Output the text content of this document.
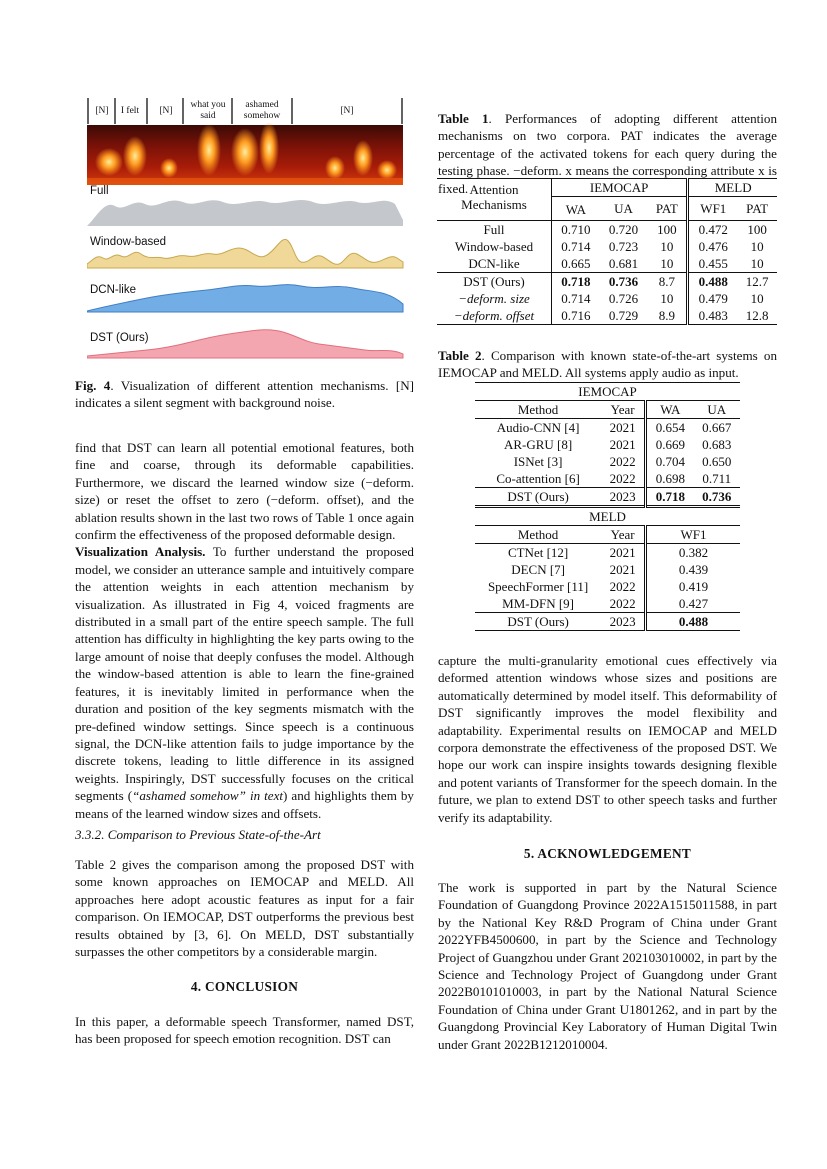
[N]	I felt	[N]
what you said
ashamed somehow	[N]
Full
Window-based
DCN-like
DST (Ours)
Fig. 4. Visualization of different attention mechanisms. [N] indicates a silent segment with background noise.

find that DST can learn all potential emotional features, both fine and coarse, through its deformable capabilities. Furthermore, we discard the learned window size (−deform. size) or reset the offset to zero (−deform. offset), and the ablation results shown in the last two rows of Table 1 once again confirm the effectiveness of the proposed deformable design.

Visualization Analysis. To further understand the proposed model, we consider an utterance sample and intuitively compare the attention weights in each attention mechanism by visualization. As illustrated in Fig 4, voiced fragments are distributed in a small part of the entire speech sample. The full attention has difficulty in highlighting the key parts owing to the large amount of noise that deeply confuses the model. Although the window-based attention is able to learn the fine-grained features, it is inevitably limited in performance when the duration and position of the key segments mismatch with the pre-defined window settings. Since speech is a continuous signal, the DCN-like attention fails to judge importance by the discrete tokens, leading to little difference in its assigned weights. Inspiringly, DST successfully focuses on the critical segments (“ashamed somehow” in text) and highlights them by means of the learned window sizes and offsets.

3.3.2. Comparison to Previous State-of-the-Art

Table 2 gives the comparison among the proposed DST with some known approaches on IEMOCAP and MELD. All approaches here adopt acoustic features as input for a fair comparison. On IEMOCAP, DST outperforms the previous best results obtained by [3, 6]. On MELD, DST substantially surpasses the other competitors by a considerable margin.

4. CONCLUSION

In this paper, a deformable speech Transformer, named DST, has been proposed for speech emotion recognition. DST can

Table 1. Performances of adopting different attention mechanisms on two corpora. PAT indicates the average percentage of the activated tokens for each query during the testing phase. −deform. x means the corresponding attribute x is fixed. Attention Mechanisms	IEMOCAP			MELD	
	WA	UA	PAT	WF1	PAT
Full	0.710	0.720	100	0.472	100
Window-based	0.714	0.723	10	0.476	10
DCN-like	0.665	0.681	10	0.455	10
DST (Ours)	0.718	0.736	8.7	0.488	12.7
−deform. size	0.714	0.726	10	0.479	10
−deform. offset	0.716	0.729	8.9	0.483	12.8
Table 2. Comparison with known state-of-the-art systems on IEMOCAP and MELD. All systems apply audio as input.
IEMOCAP			
Method	Year	WA	UA
Audio-CNN [4]	2021	0.654	0.667
AR-GRU [8]	2021	0.669	0.683
ISNet [3]	2022	0.704	0.650
Co-attention [6]	2022	0.698	0.711
DST (Ours)	2023	0.718	0.736
MELD			
Method	Year	WF1	
CTNet [12]	2021	0.382	
DECN [7]	2021	0.439	
SpeechFormer [11]	2022	0.419	
MM-DFN [9]	2022	0.427	
DST (Ours)	2023	0.488	

capture the multi-granularity emotional cues effectively via deformed attention windows whose sizes and positions are automatically determined by model itself. This deformability of DST significantly improves the model flexibility and adaptability. Experimental results on IEMOCAP and MELD corpora demonstrate the effectiveness of the proposed DST. We hope our work can inspire insights towards designing flexible and potent variants of Transformer for the speech domain. In the future, we plan to extend DST to other speech tasks and further verify its adaptability.

5. ACKNOWLEDGEMENT

The work is supported in part by the Natural Science Foundation of Guangdong Province 2022A1515011588, in part by the National Key R&D Program of China under Grant 2022YFB4500600, in part by the Science and Technology Project of Guangzhou under Grant 202103010002, in part by the Science and Technology Project of Guangdong under Grant 2022B0101010003, in part by the National Natural Science Foundation of China under Grant U1801262, and in part by the Guangdong Provincial Key Laboratory of Human Digital Twin under Grant 2022B1212010004.
